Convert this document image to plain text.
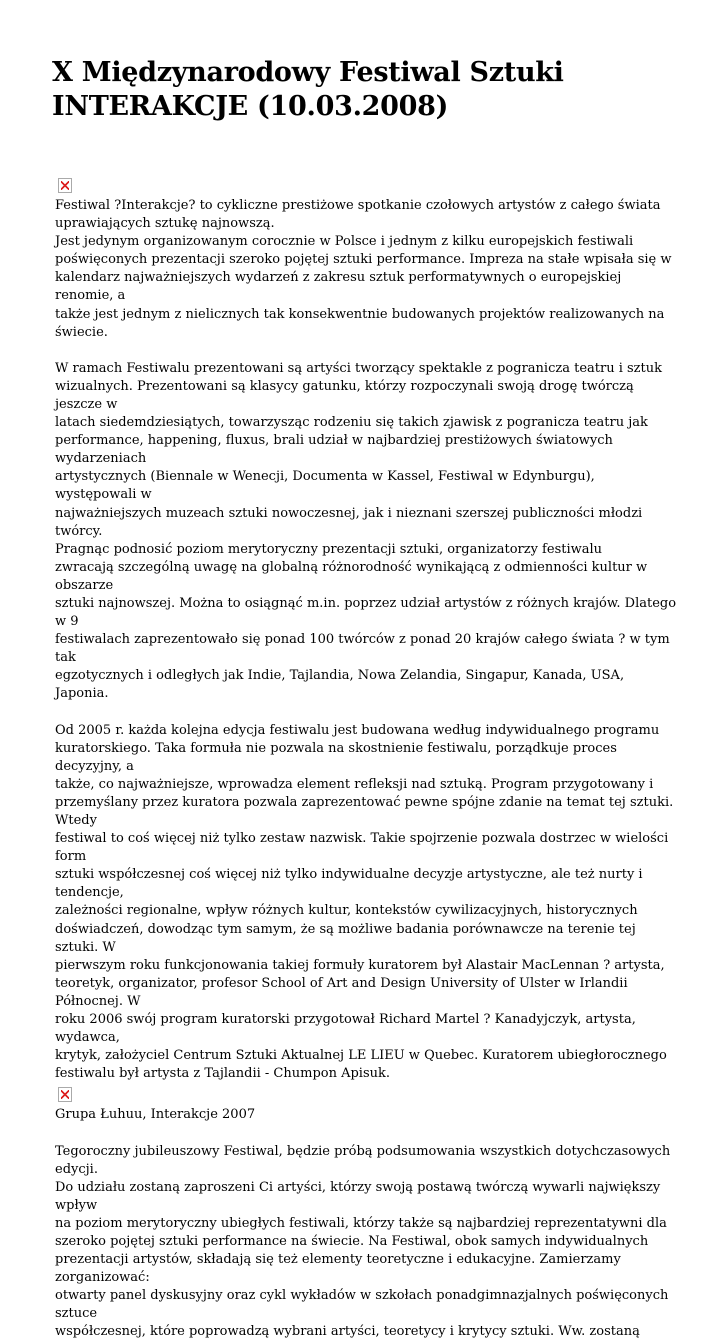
X Międzynarodowy Festiwal Sztuki
INTERAKCJE (10.03.2008)

Festiwal ?Interakcje? to cykliczne prestiżowe spotkanie czołowych artystów z całego świata
uprawiających sztukę najnowszą.
Jest jedynym organizowanym corocznie w Polsce i jednym z kilku europejskich festiwali
poświęconych prezentacji szeroko pojętej sztuki performance. Impreza na stałe wpisała się w
kalendarz najważniejszych wydarzeń z zakresu sztuk performatywnych o europejskiej renomie, a
także jest jednym z nielicznych tak konsekwentnie budowanych projektów realizowanych na świecie.

W ramach Festiwalu prezentowani są artyści tworzący spektakle z pogranicza teatru i sztuk
wizualnych. Prezentowani są klasycy gatunku, którzy rozpoczynali swoją drogę twórczą jeszcze w
latach siedemdziesiątych, towarzysząc rodzeniu się takich zjawisk z pogranicza teatru jak
performance, happening, fluxus, brali udział w najbardziej prestiżowych światowych wydarzeniach
artystycznych (Biennale w Wenecji, Documenta w Kassel, Festiwal w Edynburgu), występowali w
najważniejszych muzeach sztuki nowoczesnej, jak i nieznani szerszej publiczności młodzi twórcy.
Pragnąc podnosić poziom merytoryczny prezentacji sztuki, organizatorzy festiwalu
zwracają szczególną uwagę na globalną różnorodność wynikającą z odmienności kultur w obszarze
sztuki najnowszej. Można to osiągnąć m.in. poprzez udział artystów z różnych krajów. Dlatego w 9
festiwalach zaprezentowało się ponad 100 twórców z ponad 20 krajów całego świata ? w tym tak
egzotycznych i odległych jak Indie, Tajlandia, Nowa Zelandia, Singapur, Kanada, USA, Japonia.

Od 2005 r. każda kolejna edycja festiwalu jest budowana według indywidualnego programu
kuratorskiego. Taka formuła nie pozwala na skostnienie festiwalu, porządkuje proces decyzyjny, a
także, co najważniejsze, wprowadza element refleksji nad sztuką. Program przygotowany i
przemyślany przez kuratora pozwala zaprezentować pewne spójne zdanie na temat tej sztuki. Wtedy
festiwal to coś więcej niż tylko zestaw nazwisk. Takie spojrzenie pozwala dostrzec w wielości form
sztuki współczesnej coś więcej niż tylko indywidualne decyzje artystyczne, ale też nurty i tendencje,
zależności regionalne, wpływ różnych kultur, kontekstów cywilizacyjnych, historycznych
doświadczeń, dowodząc tym samym, że są możliwe badania porównawcze na terenie tej sztuki. W
pierwszym roku funkcjonowania takiej formuły kuratorem był Alastair MacLennan ? artysta,
teoretyk, organizator, profesor School of Art and Design University of Ulster w Irlandii Północnej. W
roku 2006 swój program kuratorski przygotował Richard Martel ? Kanadyjczyk, artysta, wydawca,
krytyk, założyciel Centrum Sztuki Aktualnej LE LIEU w Quebec. Kuratorem ubiegłorocznego
festiwalu był artysta z Tajlandii - Chumpon Apisuk.

Grupa Łuhuu, Interakcje 2007

Tegoroczny jubileuszowy Festiwal, będzie próbą podsumowania wszystkich dotychczasowych edycji.
Do udziału zostaną zaproszeni Ci artyści, którzy swoją postawą twórczą wywarli największy wpływ
na poziom merytoryczny ubiegłych festiwali, którzy także są najbardziej reprezentatywni dla
szeroko pojętej sztuki performance na świecie. Na Festiwal, obok samych indywidualnych
prezentacji artystów, składają się też elementy teoretyczne i edukacyjne. Zamierzamy zorganizować:
otwarty panel dyskusyjny oraz cykl wykładów w szkołach ponadgimnazjalnych poświęconych sztuce
współczesnej, które poprowadzą wybrani artyści, teoretycy i krytycy sztuki. Ww. zostaną
